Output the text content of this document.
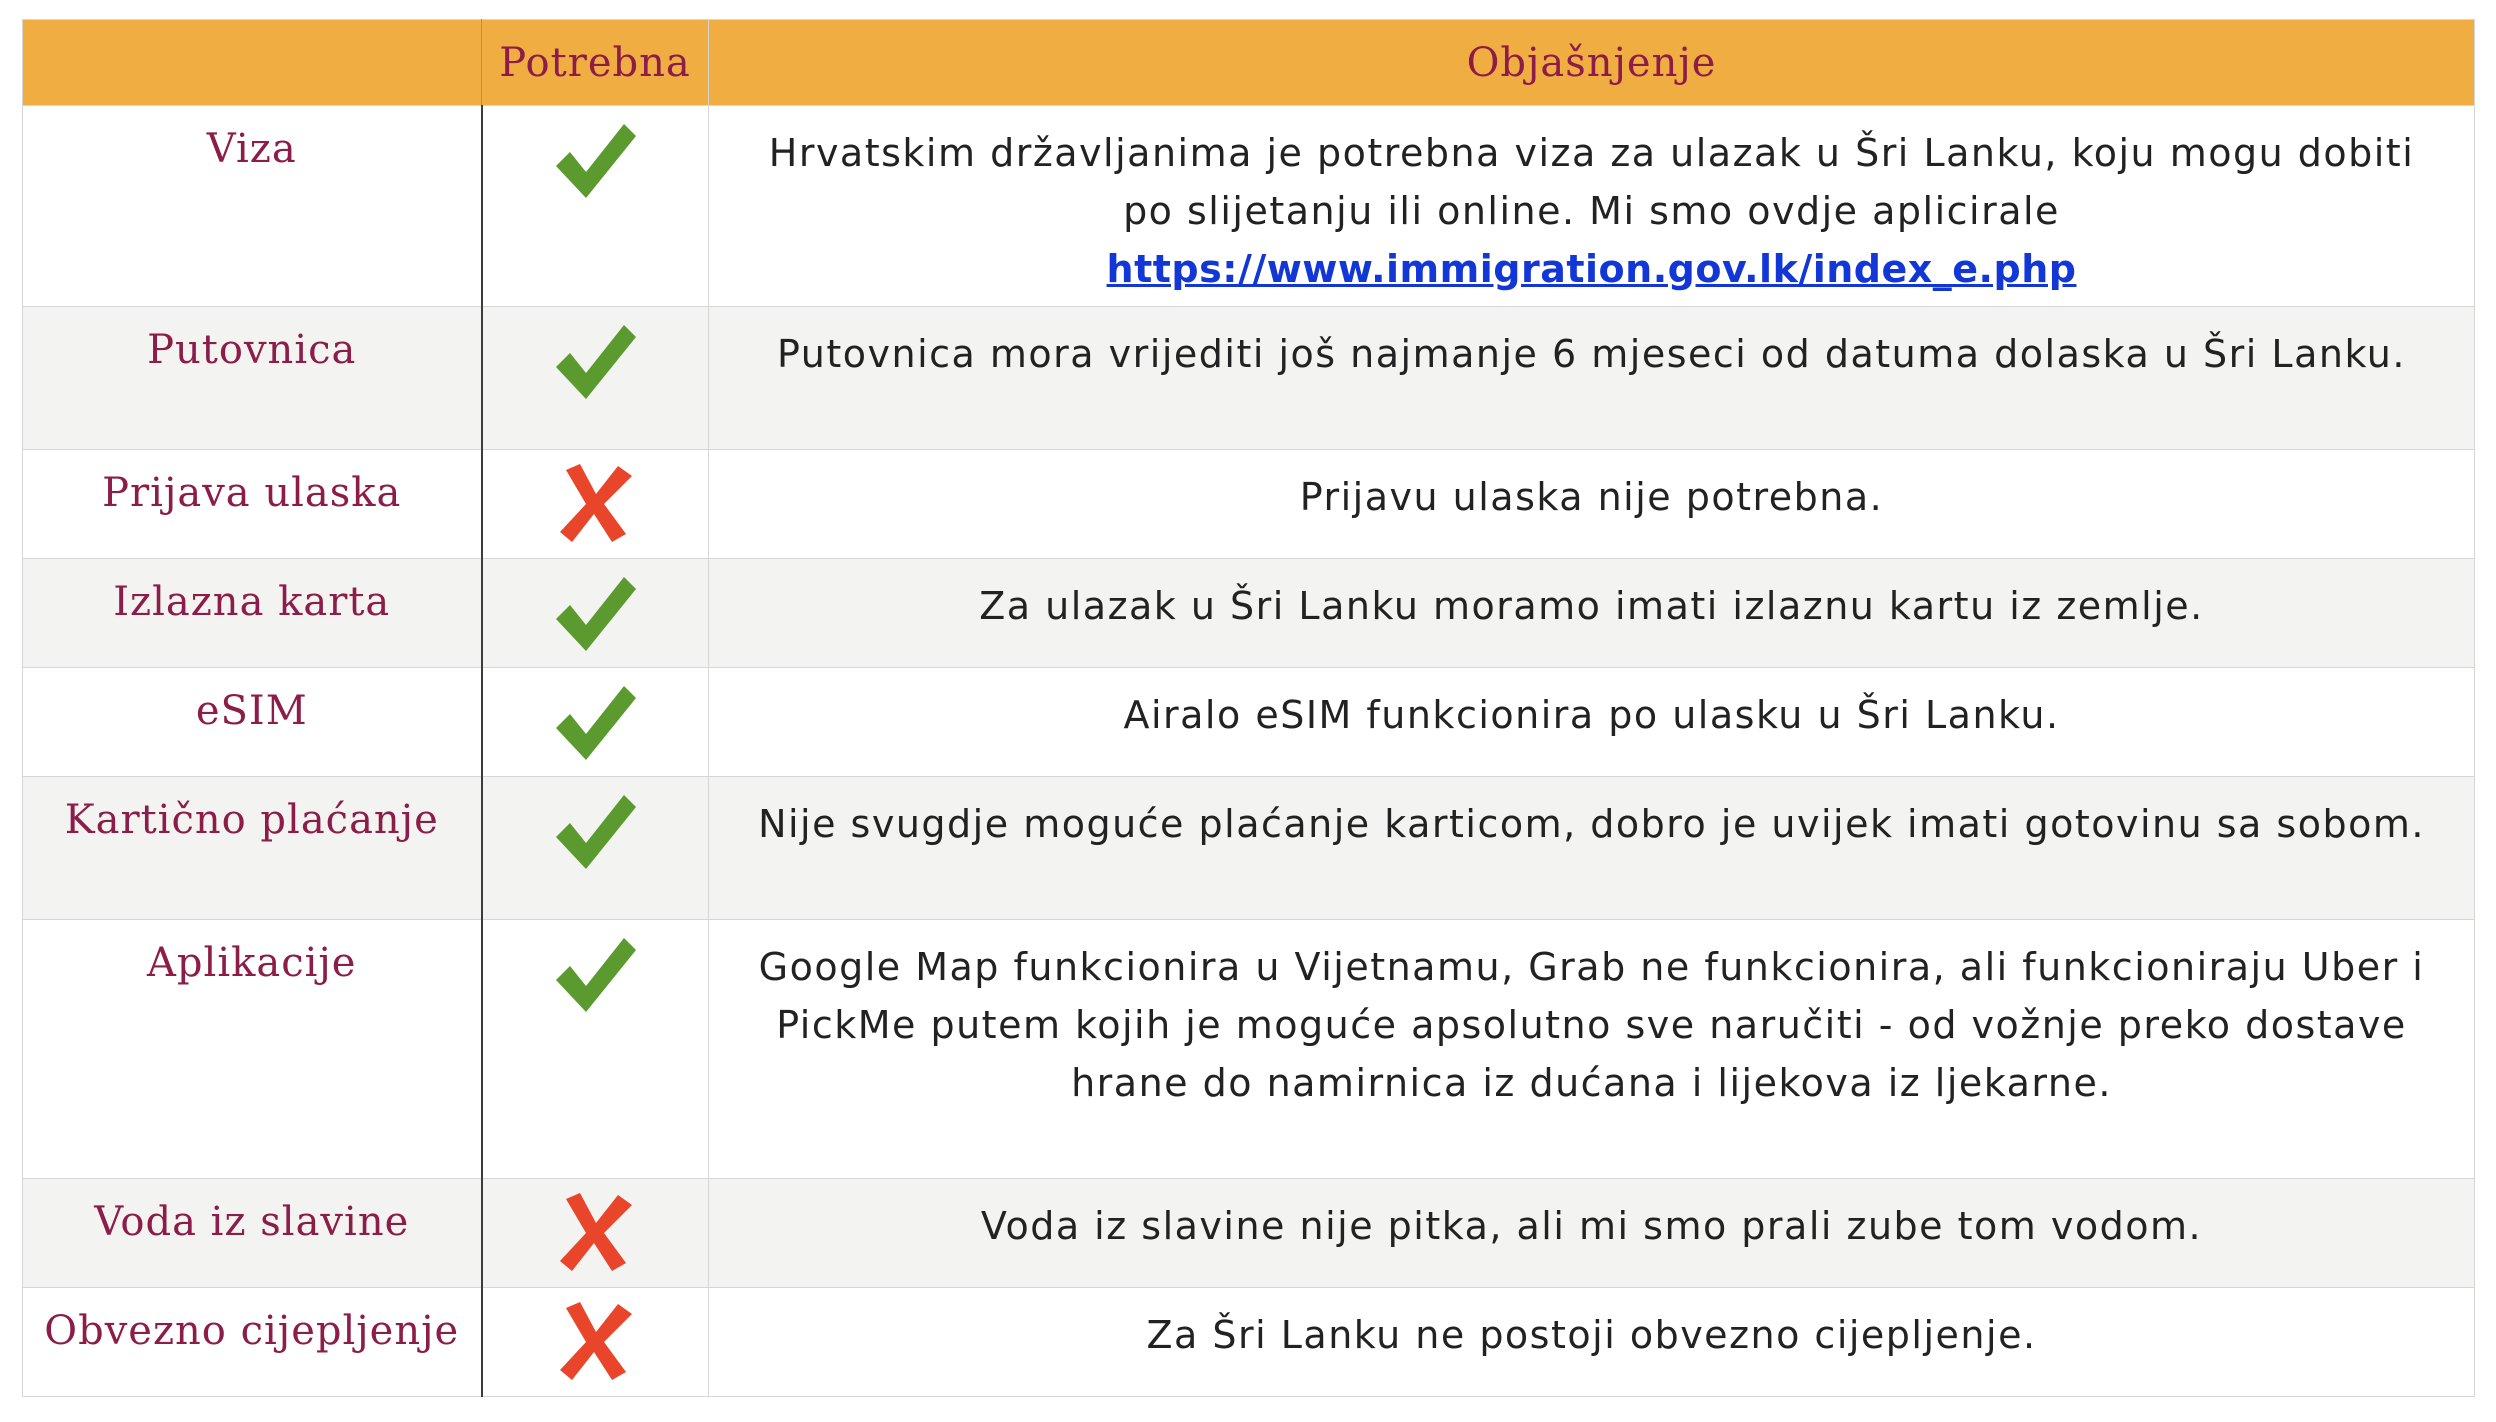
	Potrebna	Objašnjenje
Viza		Hrvatskim državljanima je potrebna viza za ulazak u Šri Lanku, koju mogu dobiti po slijetanju ili online. Mi smo ovdje aplicirale https://www.immigration.gov.lk/index_e.php
Putovnica		Putovnica mora vrijediti još najmanje 6 mjeseci od datuma dolaska u Šri Lanku.
Prijava ulaska		Prijavu ulaska nije potrebna.
Izlazna karta		Za ulazak u Šri Lanku moramo imati izlaznu kartu iz zemlje.
eSIM		Airalo eSIM funkcionira po ulasku u Šri Lanku.
Kartično plaćanje		Nije svugdje moguće plaćanje karticom, dobro je uvijek imati gotovinu sa sobom.
Aplikacije		Google Map funkcionira u Vijetnamu, Grab ne funkcionira, ali funkcioniraju Uber i PickMe putem kojih je moguće apsolutno sve naručiti - od vožnje preko dostave hrane do namirnica iz dućana i lijekova iz ljekarne.
Voda iz slavine		Voda iz slavine nije pitka, ali mi smo prali zube tom vodom.
Obvezno cijepljenje		Za Šri Lanku ne postoji obvezno cijepljenje.
